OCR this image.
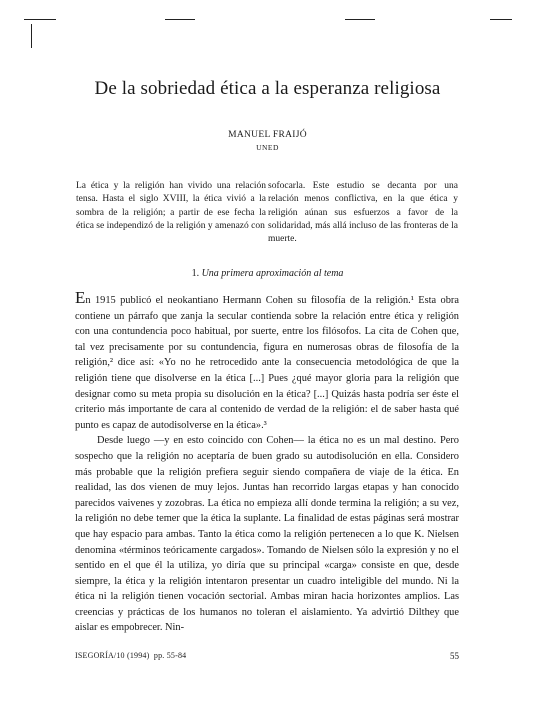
De la sobriedad ética a la esperanza religiosa
MANUEL FRAIJÓ
UNED
La ética y la religión han vivido una relación tensa. Hasta el siglo XVIII, la ética vivió a la sombra de la religión; a partir de ese fecha la ética se independizó de la religión y amenazó con
sofocarla. Este estudio se decanta por una relación menos conflictiva, en la que ética y religión aúnan sus esfuerzos a favor de la solidaridad, más allá incluso de las fronteras de la muerte.
1. Una primera aproximación al tema

En 1915 publicó el neokantiano Hermann Cohen su filosofía de la religión.¹ Esta obra contiene un párrafo que zanja la secular contienda sobre la relación entre ética y religión con una contundencia poco habitual, por suerte, entre los filósofos. La cita de Cohen que, tal vez precisamente por su contundencia, figura en numerosas obras de filosofía de la religión,² dice así: «Yo no he retrocedido ante la consecuencia metodológica de que la religión tiene que disolverse en la ética [...] Pues ¿qué mayor gloria para la religión que designar como su meta propia su disolución en la ética? [...] Quizás hasta podría ser éste el criterio más importante de cara al contenido de verdad de la religión: el de saber hasta qué punto es capaz de autodisolverse en la ética».³

Desde luego —y en esto coincido con Cohen— la ética no es un mal destino. Pero sospecho que la religión no aceptaría de buen grado su autodisolución en ella. Considero más probable que la religión prefiera seguir siendo compañera de viaje de la ética. En realidad, las dos vienen de muy lejos. Juntas han recorrido largas etapas y han conocido parecidos vaivenes y zozobras. La ética no empieza allí donde termina la religión; a su vez, la religión no debe temer que la ética la suplante. La finalidad de estas páginas será mostrar que hay espacio para ambas. Tanto la ética como la religión pertenecen a lo que K. Nielsen denomina «términos teóricamente cargados». Tomando de Nielsen sólo la expresión y no el sentido en el que él la utiliza, yo diría que su principal «carga» consiste en que, desde siempre, la ética y la religión intentaron presentar un cuadro inteligible del mundo. Ni la ética ni la religión tienen vocación sectorial. Ambas miran hacia horizontes amplios. Las creencias y prácticas de los humanos no toleran el aislamiento. Ya advirtió Dilthey que aislar es empobrecer. Nin-

ISEGORÍA/10 (1994) pp. 55-84	55
